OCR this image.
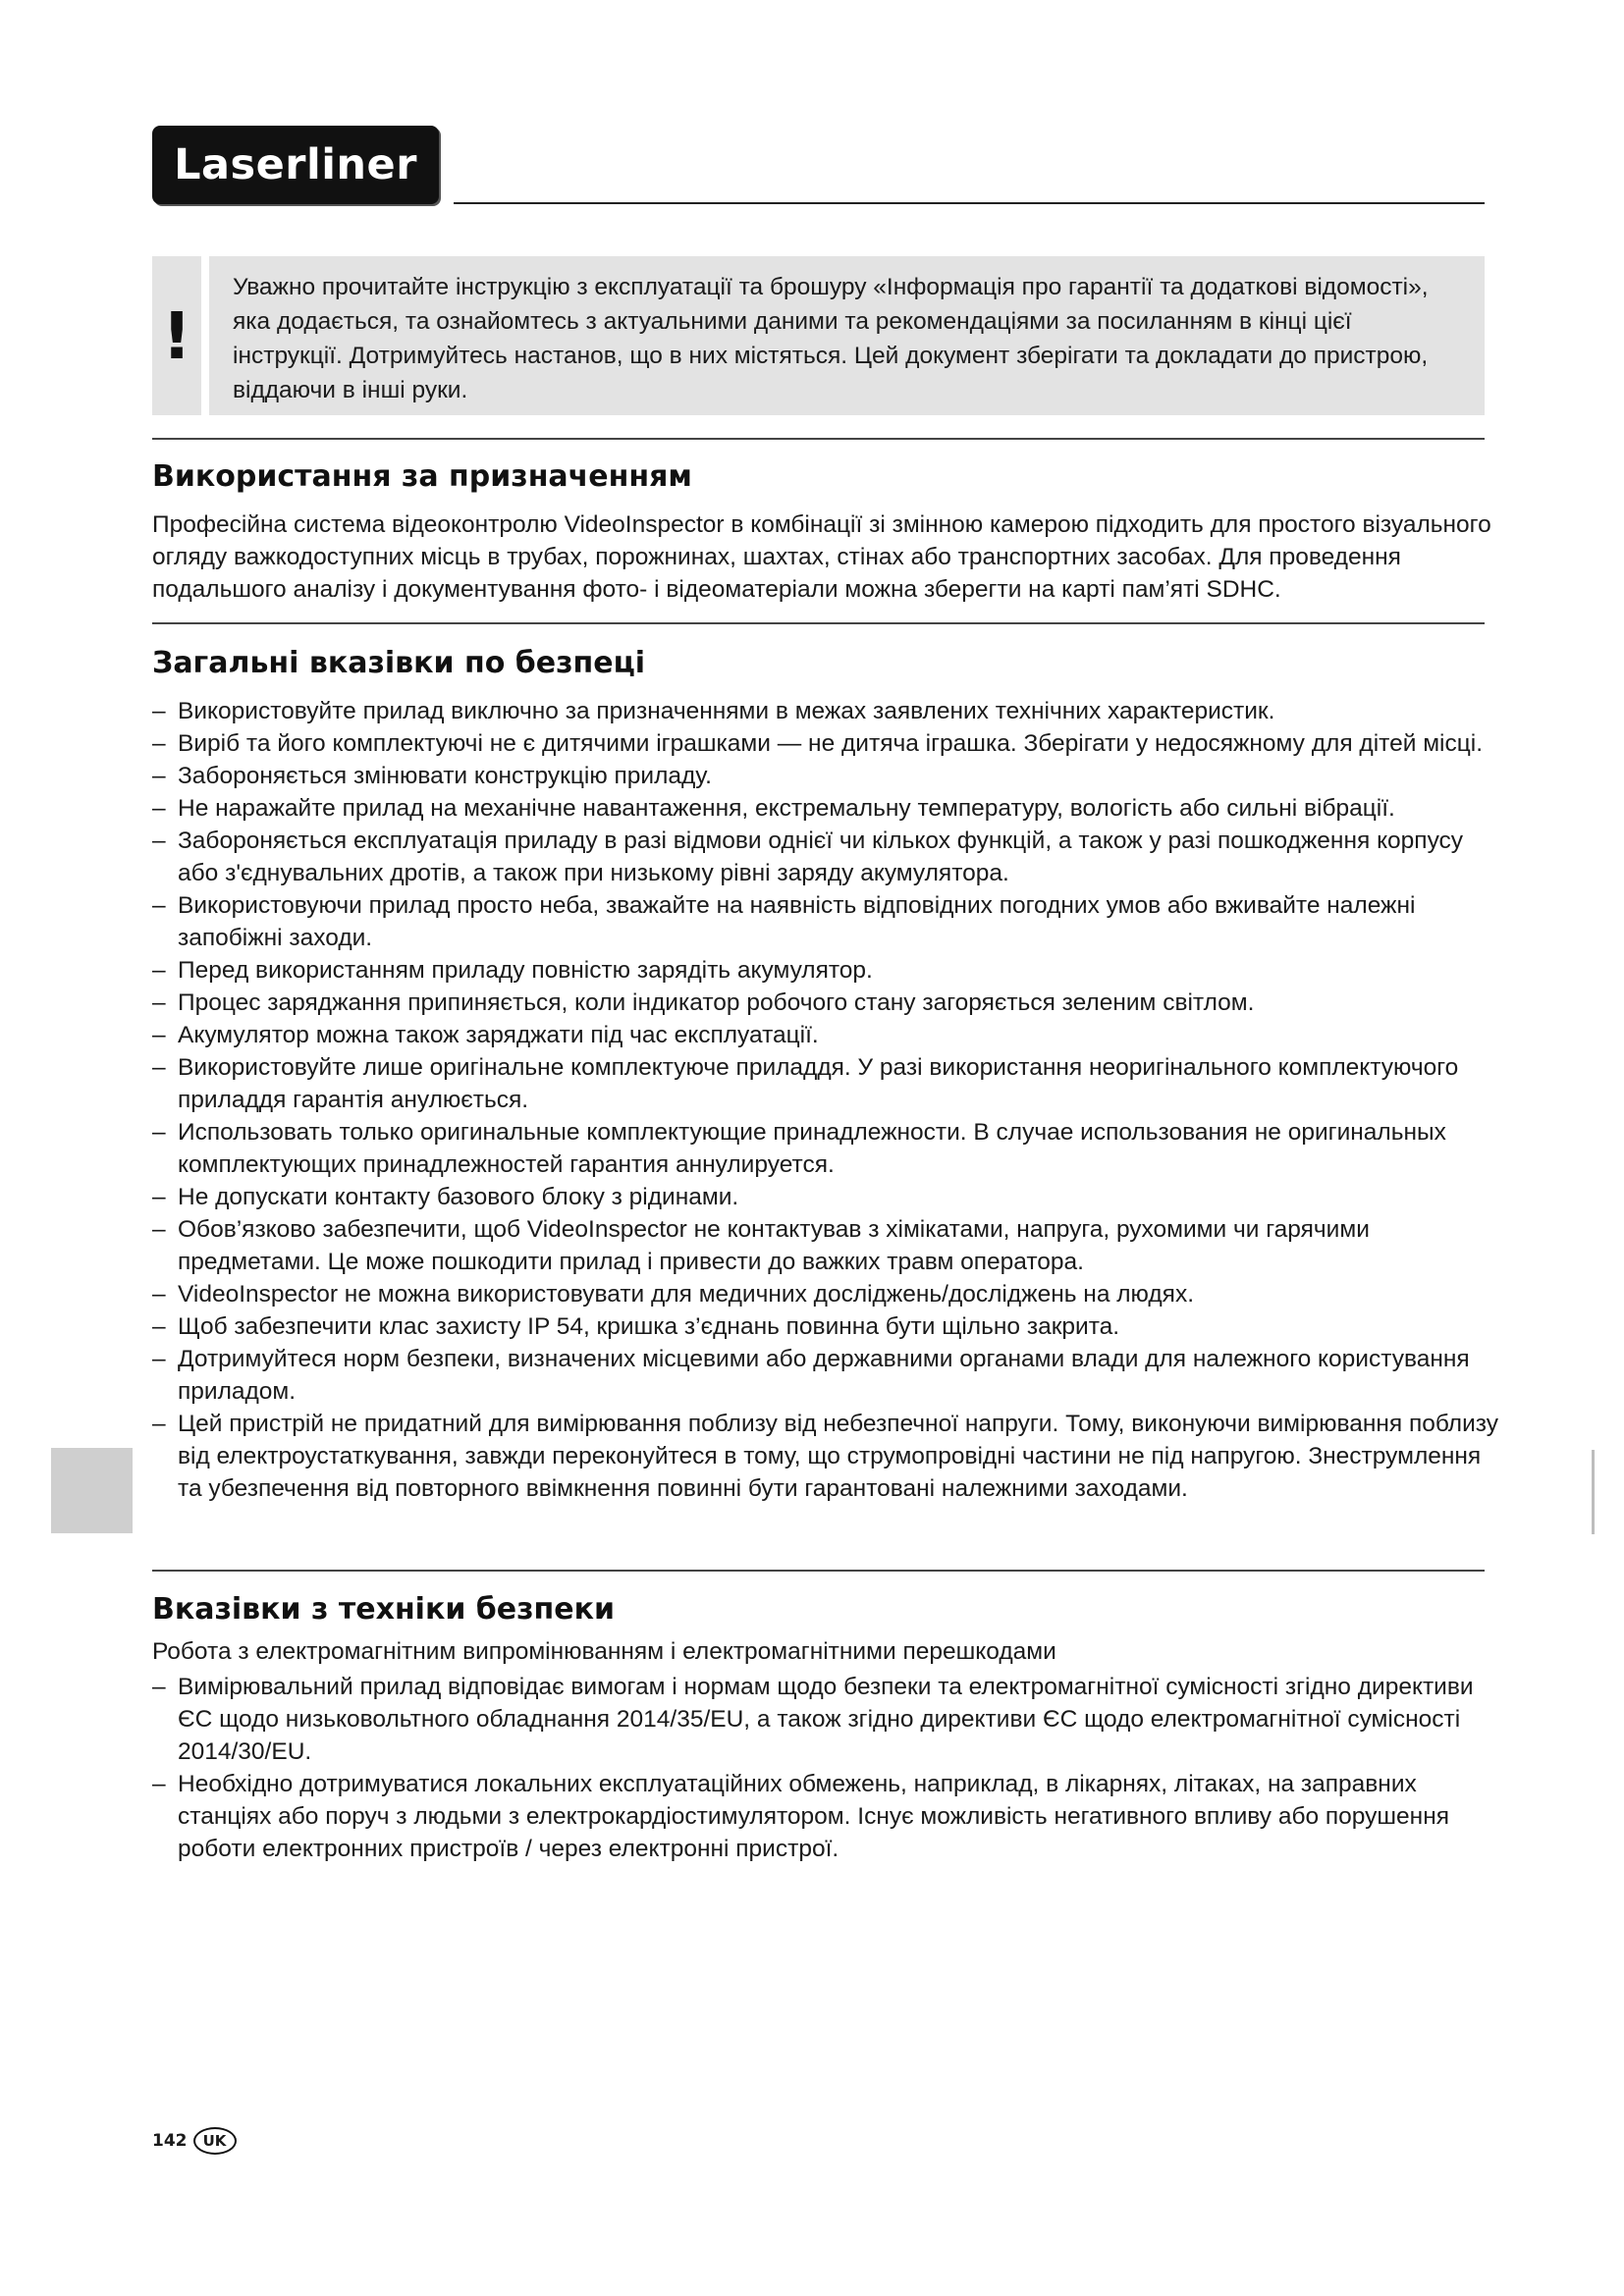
Laserliner
!
Уважно прочитайте інструкцію з експлуатації та брошуру «Інформація про гарантії та додаткові відомості», яка додається, та ознайомтесь з актуальними даними та рекомендаціями за посиланням в кінці цієї інструкції. Дотримуйтесь настанов, що в них містяться. Цей документ зберігати та докладати до пристрою, віддаючи в інші руки.
Використання за призначенням
Професійна система відеоконтролю VideoInspector в комбінації зі змінною камерою підходить для простого візуального огляду важкодоступних місць в трубах, порожнинах, шахтах, стінах або транспортних засобах. Для проведення подальшого аналізу і документування фото- і відеоматеріали можна зберегти на карті пам’яті SDHC.
Загальні вказівки по безпеці
– Використовуйте прилад виключно за призначеннями в межах заявлених технічних характеристик.
– Виріб та його комплектуючі не є дитячими іграшками — не дитяча іграшка. Зберігати у недосяжному для дітей місці.
– Забороняється змінювати конструкцію приладу.
– Не наражайте прилад на механічне навантаження, екстремальну температуру, вологість або сильні вібрації.
– Забороняється експлуатація приладу в разі відмови однієї чи кількох функцій, а також у разі пошкодження корпусу або з'єднувальних дротів, а також при низькому рівні заряду акумулятора.
– Використовуючи прилад просто неба, зважайте на наявність відповідних погодних умов або вживайте належні запобіжні заходи.
– Перед використанням приладу повністю зарядіть акумулятор.
– Процес заряджання припиняється, коли індикатор робочого стану загоряється зеленим світлом.
– Акумулятор можна також заряджати під час експлуатації.
– Використовуйте лише оригінальне комплектуюче приладдя. У разі використання неоригінального комплектуючого приладдя гарантія анулюється.
– Использовать только оригинальные комплектующие принадлежности. В случае использования не оригинальных комплектующих принадлежностей гарантия аннулируется.
– Не допускати контакту базового блоку з рідинами.
– Обов’язково забезпечити, щоб VideoInspector не контактував з хімікатами, напруга, рухомими чи гарячими предметами. Це може пошкодити прилад і привести до важких травм оператора.
– VideoInspector не можна використовувати для медичних досліджень/досліджень на людях.
– Щоб забезпечити клас захисту IP 54, кришка з’єднань повинна бути щільно закрита.
– Дотримуйтеся норм безпеки, визначених місцевими або державними органами влади для належного користування приладом.
– Цей пристрій не придатний для вимірювання поблизу від небезпечної напруги. Тому, виконуючи вимірювання поблизу від електроустаткування, завжди переконуйтеся в тому, що струмопровідні частини не під напругою. Знеструмлення та убезпечення від повторного ввімкнення повинні бути гарантовані належними заходами.
Вказівки з техніки безпеки
Робота з електромагнітним випромінюванням і електромагнітними перешкодами
– Вимірювальний прилад відповідає вимогам і нормам щодо безпеки та електромагнітної сумісності згідно директиви ЄС щодо низьковольтного обладнання 2014/35/EU, а також згідно директиви ЄС щодо електромагнітної сумісності 2014/30/EU.
– Необхідно дотримуватися локальних експлуатаційних обмежень, наприклад, в лікарнях, літаках, на заправних станціях або поруч з людьми з електрокардіостимулятором. Існує можливість негативного впливу або порушення роботи електронних пристроїв / через електронні пристрої.
142	UK
